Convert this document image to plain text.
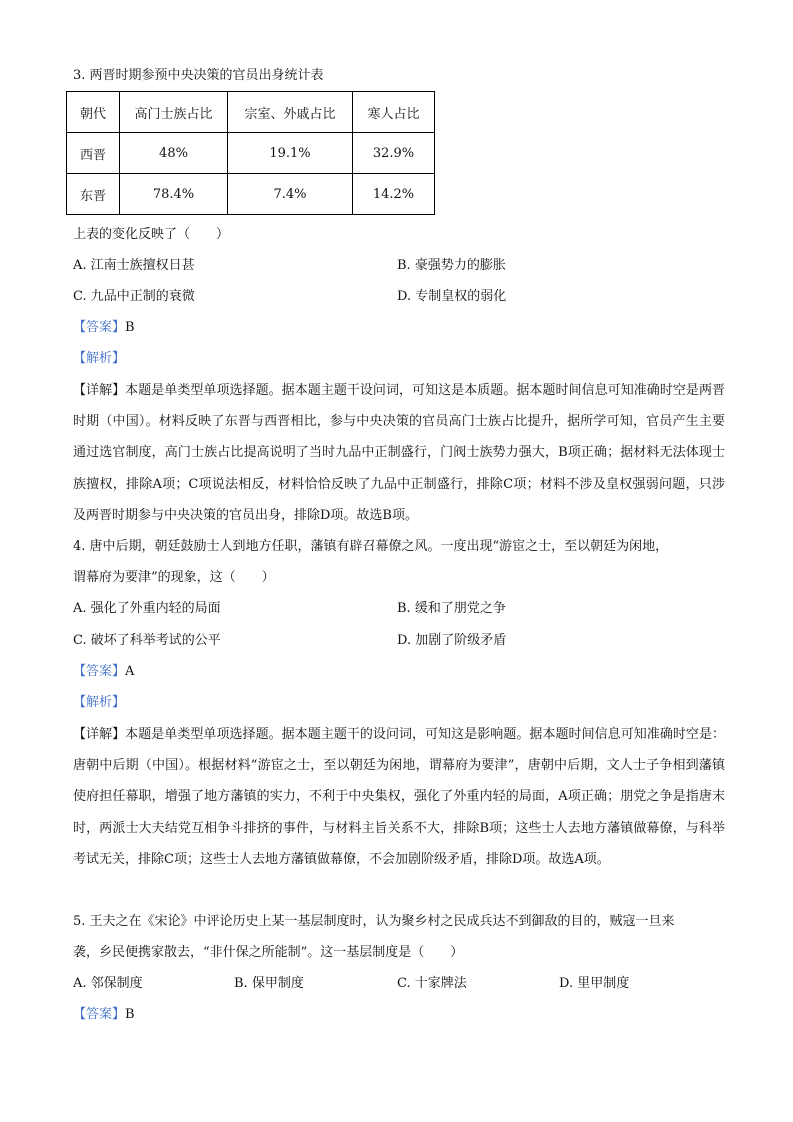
3. 两晋时期参预中央决策的官员出身统计表
朝代	高门士族占比	宗室、外戚占比	寒人占比
西晋	48%	19.1%	32.9%
东晋	78.4%	7.4%	14.2%
上表的变化反映了（　　）
A. 江南士族擅权日甚	B. 豪强势力的膨胀
C. 九品中正制的衰微	D. 专制皇权的弱化
【答案】B
【解析】
【详解】本题是单类型单项选择题。据本题主题干设问词，可知这是本质题。据本题时间信息可知准确时空是两晋时期（中国）。材料反映了东晋与西晋相比，参与中央决策的官员高门士族占比提升，据所学可知，官员产生主要通过选官制度，高门士族占比提高说明了当时九品中正制盛行，门阀士族势力强大，B项正确；据材料无法体现士族擅权，排除A项；C项说法相反，材料恰恰反映了九品中正制盛行，排除C项；材料不涉及皇权强弱问题，只涉及两晋时期参与中央决策的官员出身，排除D项。故选B项。
4. 唐中后期，朝廷鼓励士人到地方任职，藩镇有辟召幕僚之风。一度出现“游宦之士，至以朝廷为闲地，
谓幕府为要津”的现象，这（　　）
A. 强化了外重内轻的局面	B. 缓和了朋党之争
C. 破坏了科举考试的公平	D. 加剧了阶级矛盾
【答案】A
【解析】
【详解】本题是单类型单项选择题。据本题主题干的设问词，可知这是影响题。据本题时间信息可知准确时空是：唐朝中后期（中国）。根据材料“游宦之士，至以朝廷为闲地，谓幕府为要津”，唐朝中后期，文人士子争相到藩镇使府担任幕职，增强了地方藩镇的实力，不利于中央集权，强化了外重内轻的局面，A项正确；朋党之争是指唐末时，两派士大夫结党互相争斗排挤的事件，与材料主旨关系不大，排除B项；这些士人去地方藩镇做幕僚，与科举考试无关，排除C项；这些士人去地方藩镇做幕僚，不会加剧阶级矛盾，排除D项。故选A项。
5. 王夫之在《宋论》中评论历史上某一基层制度时，认为聚乡村之民成兵达不到御敌的目的，贼寇一旦来
袭，乡民便携家散去，“非什保之所能制”。这一基层制度是（　　）
A. 邻保制度	B. 保甲制度	C. 十家牌法	D. 里甲制度
【答案】B
